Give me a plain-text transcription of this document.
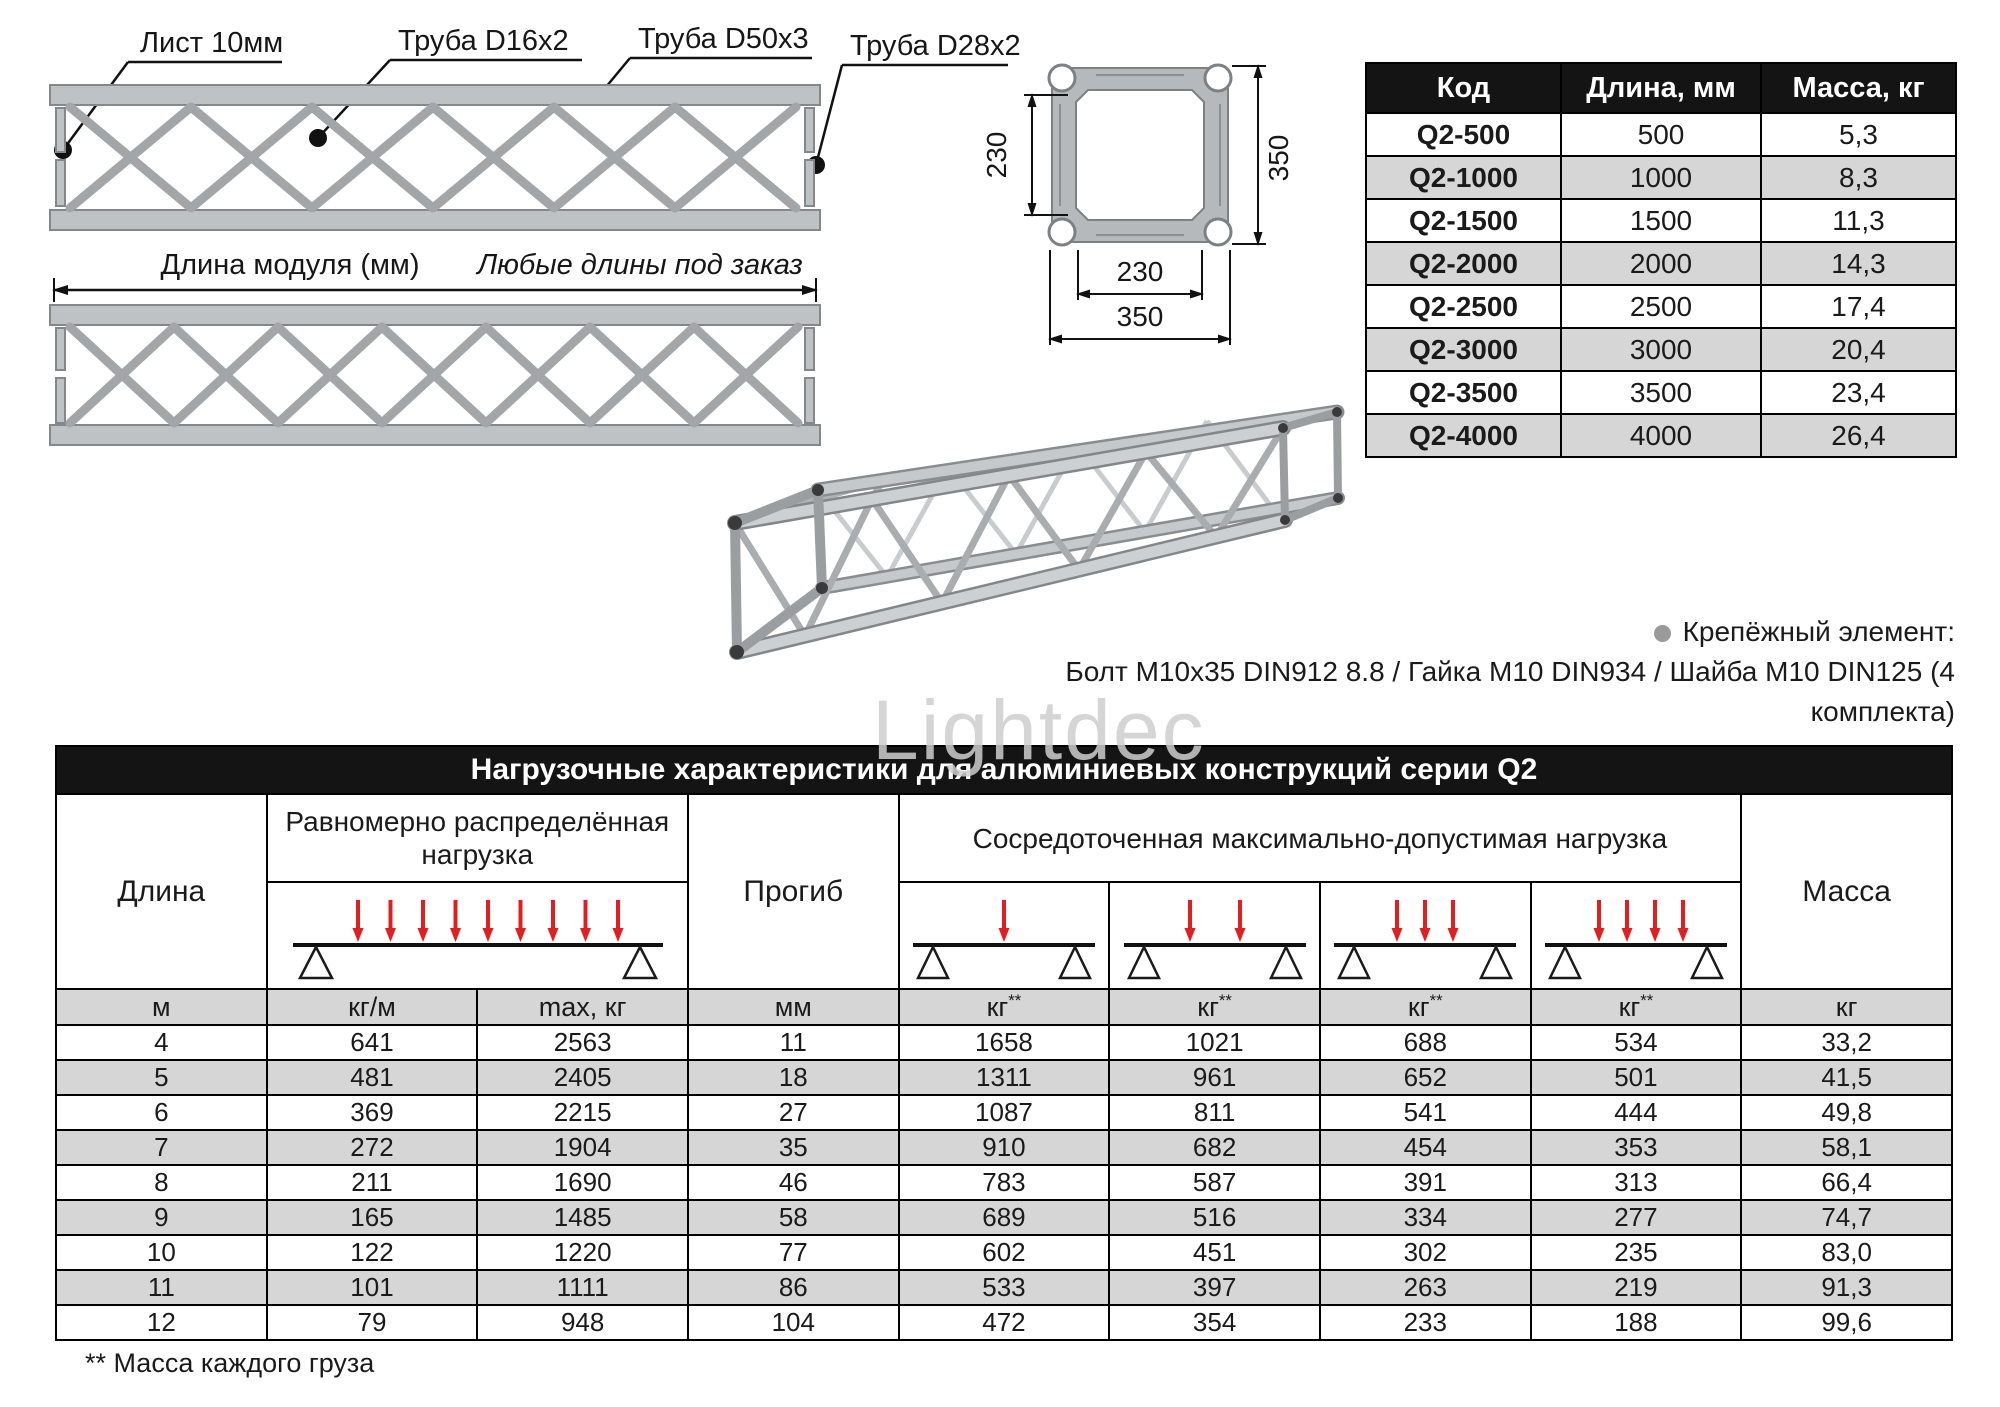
Лист 10мм	Труба D16x2 Труба D50x3 Труба D28x2
Длина модуля (мм) Любые длины под заказ
230	350
230
350
Код	Длина, мм	Масса, кг
Q2-500	500	5,3
Q2-1000	1000	8,3
Q2-1500	1500	11,3
Q2-2000	2000	14,3
Q2-2500	2500	17,4
Q2-3000	3000	20,4
Q2-3500	3500	23,4
Q2-4000	4000	26,4
Крепёжный элемент:
Болт M10x35 DIN912 8.8 / Гайка M10 DIN934 / Шайба M10 DIN125 (4 комплекта)
Нагрузочные характеристики для алюминиевых конструкций серии Q2								
Длина	Равномерно распределённая нагрузка		Прогиб	Сосредоточенная максимально-допустимая нагрузка				Масса

м	кг/м	max, кг	мм	кг**	кг**	кг**	кг**	кг
4	641	2563	11	1658	1021	688	534	33,2
5	481	2405	18	1311	961	652	501	41,5
6	369	2215	27	1087	811	541	444	49,8
7	272	1904	35	910	682	454	353	58,1
8	211	1690	46	783	587	391	313	66,4
9	165	1485	58	689	516	334	277	74,7
10	122	1220	77	602	451	302	235	83,0
11	101	1111	86	533	397	263	219	91,3
12	79	948	104	472	354	233	188	99,6
** Масса каждого груза
Lightdec
